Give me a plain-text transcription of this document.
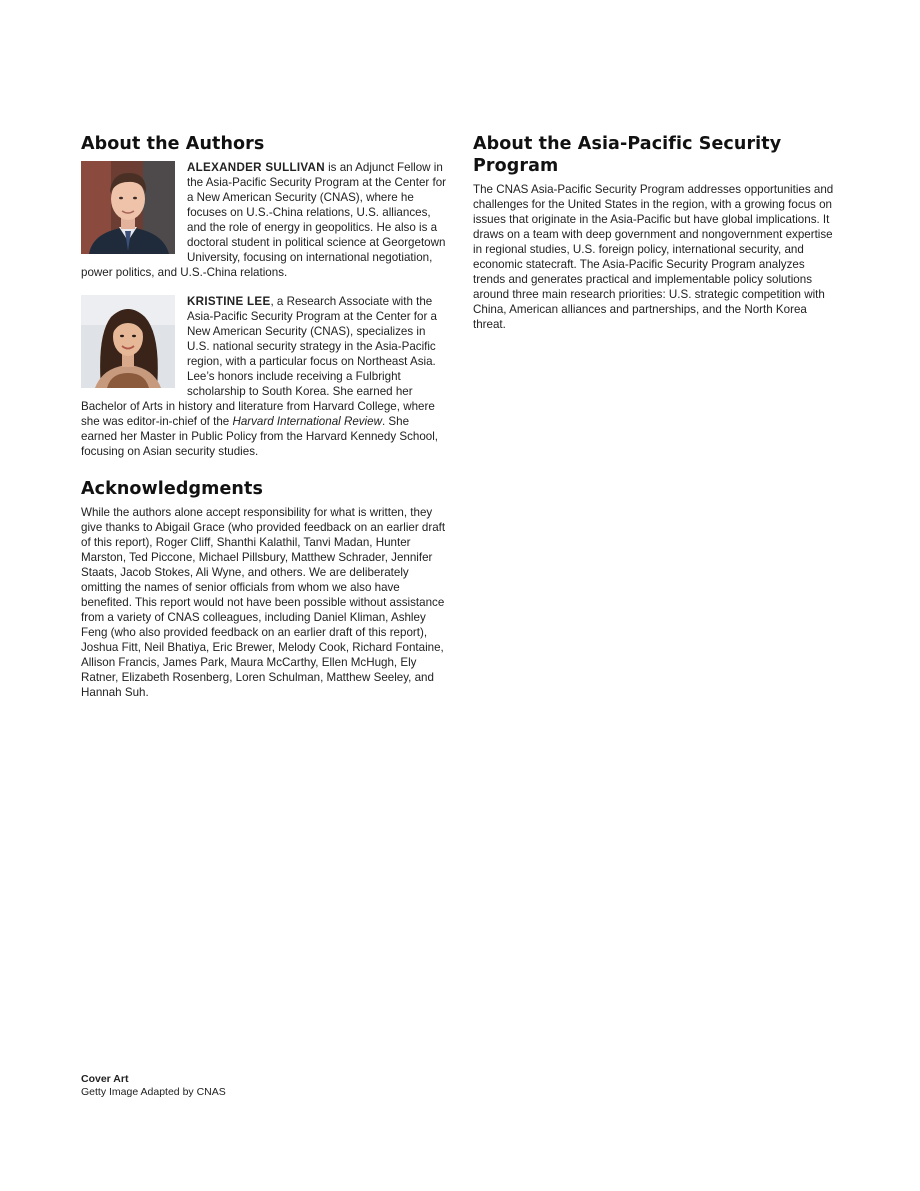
About the Authors

ALEXANDER SULLIVAN is an Adjunct Fellow in the Asia-Pacific Security Program at the Center for a New American Security (CNAS), where he focuses on U.S.-China relations, U.S. alliances, and the role of energy in geopolitics. He also is a doctoral student in political science at Georgetown University, focusing on international negotiation, power politics, and U.S.-China relations.

KRISTINE LEE, a Research Associate with the Asia-Pacific Security Program at the Center for a New American Security (CNAS), specializes in U.S. national security strategy in the Asia-Pacific region, with a particular focus on Northeast Asia. Lee’s honors include receiving a Fulbright scholarship to South Korea. She earned her Bachelor of Arts in history and literature from Harvard College, where she was editor-in-chief of the Harvard International Review. She earned her Master in Public Policy from the Harvard Kennedy School, focusing on Asian security studies.

Acknowledgments

While the authors alone accept responsibility for what is written, they give thanks to Abigail Grace (who provided feedback on an earlier draft of this report), Roger Cliff, Shanthi Kalathil, Tanvi Madan, Hunter Marston, Ted Piccone, Michael Pillsbury, Matthew Schrader, Jennifer Staats, Jacob Stokes, Ali Wyne, and others. We are deliberately omitting the names of senior officials from whom we also have benefited. This report would not have been possible without assistance from a variety of CNAS colleagues, including Daniel Kliman, Ashley Feng (who also provided feedback on an earlier draft of this report), Joshua Fitt, Neil Bhatiya, Eric Brewer, Melody Cook, Richard Fontaine, Allison Francis, James Park, Maura McCarthy, Ellen McHugh, Ely Ratner, Elizabeth Rosenberg, Loren Schulman, Matthew Seeley, and Hannah Suh.

About the Asia-Pacific Security Program

The CNAS Asia-Pacific Security Program addresses opportunities and challenges for the United States in the region, with a growing focus on issues that originate in the Asia-Pacific but have global implications. It draws on a team with deep government and nongovernment expertise in regional studies, U.S. foreign policy, international security, and economic statecraft. The Asia-Pacific Security Program analyzes trends and generates practical and implementable policy solutions around three main research priorities: U.S. strategic competition with China, American alliances and partnerships, and the North Korea threat.

Cover Art
Getty Image Adapted by CNAS
